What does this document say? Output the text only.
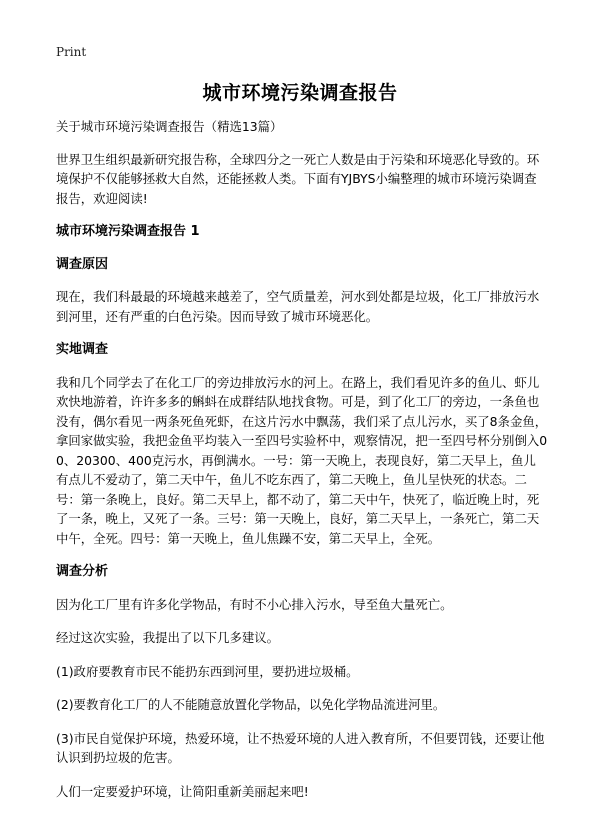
Print
城市环境污染调查报告

关于城市环境污染调查报告（精选13篇）

世界卫生组织最新研究报告称，全球四分之一死亡人数是由于污染和环境恶化导致的。环境保护不仅能够拯救大自然，还能拯救人类。下面有YJBYS小编整理的城市环境污染调查报告，欢迎阅读!

城市环境污染调查报告 1
调查原因

现在，我们科最最的环境越来越差了，空气质量差，河水到处都是垃圾，化工厂排放污水到河里，还有严重的白色污染。因而导致了城市环境恶化。

实地调查

我和几个同学去了在化工厂的旁边排放污水的河上。在路上，我们看见许多的鱼儿、虾儿欢快地游着，许许多多的蝌蚪在成群结队地找食物。可是，到了化工厂的旁边，一条鱼也没有，偶尔看见一两条死鱼死虾，在这片污水中飘荡，我们采了点儿污水，买了8条金鱼，拿回家做实验，我把金鱼平均装入一至四号实验杯中，观察情况，把一至四号杯分别倒入00、20300、400克污水，再倒满水。一号：第一天晚上，表现良好，第二天早上，鱼儿有点儿不爱动了，第二天中午，鱼儿不吃东西了，第二天晚上，鱼儿呈快死的状态。二号：第一条晚上，良好。第二天早上，都不动了，第二天中午，快死了，临近晚上时，死了一条，晚上，又死了一条。三号：第一天晚上，良好，第二天早上，一条死亡，第二天中午，全死。四号：第一天晚上，鱼儿焦躁不安，第二天早上，全死。

调查分析

因为化工厂里有许多化学物品，有时不小心排入污水，导至鱼大量死亡。

经过这次实验，我提出了以下几多建议。

(1)政府要教育市民不能扔东西到河里，要扔进垃圾桶。

(2)要教育化工厂的人不能随意放置化学物品，以免化学物品流进河里。

(3)市民自觉保护环境，热爱环境，让不热爱环境的人进入教育所，不但要罚钱，还要让他认识到扔垃圾的危害。

人们一定要爱护环境，让简阳重新美丽起来吧!
